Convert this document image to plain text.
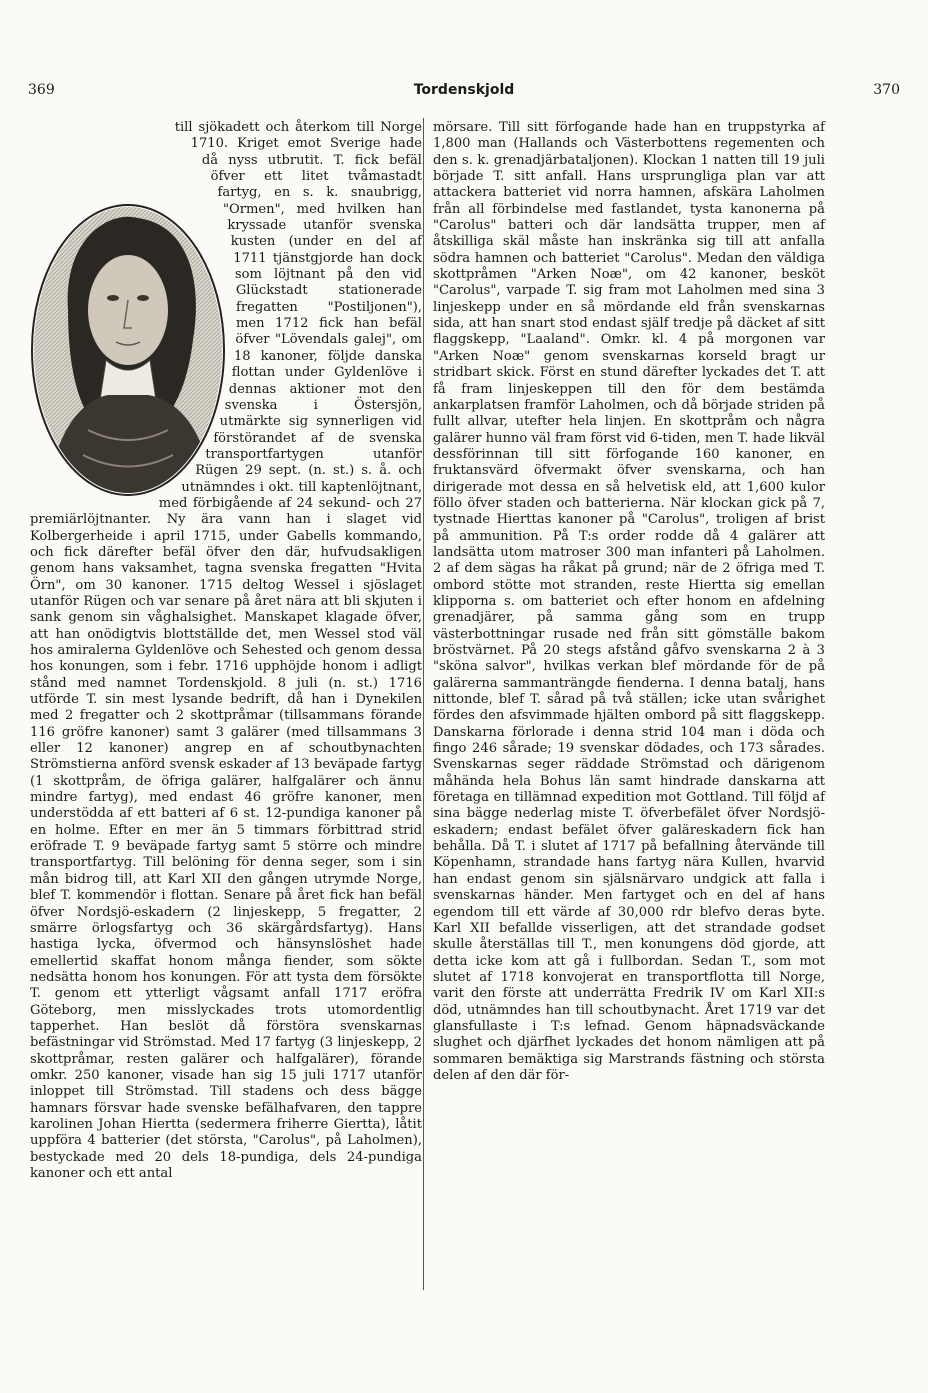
369	Tordenskjold	370

till sjökadett och återkom till Norge 1710. Kriget emot Sverige hade då nyss utbrutit. T. fick befäl öfver ett litet tvåmastadt fartyg, en s. k. snaubrigg, "Ormen", med hvilken han kryssade utanför svenska kusten (under en del af 1711 tjänstgjorde han dock som löjtnant på den vid Glückstadt stationerade fregatten "Postiljonen"), men 1712 fick han befäl öfver "Lövendals galej", om 18 kanoner, följde danska flottan under Gyldenlöve i dennas aktioner mot den svenska i Östersjön, utmärkte sig synnerligen vid förstörandet af de svenska transportfartygen utanför Rügen 29 sept. (n. st.) s. å. och utnämndes i okt. till kaptenlöjtnant, med förbigående af 24 sekund- och 27 premiärlöjtnanter. Ny ära vann han i slaget vid Kolbergerheide i april 1715, under Gabells kommando, och fick därefter befäl öfver den där, hufvudsakligen genom hans vaksamhet, tagna svenska fregatten "Hvita Örn", om 30 kanoner. 1715 deltog Wessel i sjöslaget utanför Rügen och var senare på året nära att bli skjuten i sank genom sin våghalsighet. Manskapet klagade öfver, att han onödigtvis blottställde det, men Wessel stod väl hos amiralerna Gyldenlöve och Sehested och genom dessa hos konungen, som i febr. 1716 upphöjde honom i adligt stånd med namnet Tordenskjold. 8 juli (n. st.) 1716 utförde T. sin mest lysande bedrift, då han i Dynekilen med 2 fregatter och 2 skottpråmar (tillsammans förande 116 gröfre kanoner) samt 3 galärer (med tillsammans 3 eller 12 kanoner) angrep en af schoutbynachten Strömstierna anförd svensk eskader af 13 beväpade fartyg (1 skottpråm, de öfriga galärer, halfgalärer och ännu mindre fartyg), med endast 46 gröfre kanoner, men understödda af ett batteri af 6 st. 12-pundiga kanoner på en holme. Efter en mer än 5 timmars förbittrad strid eröfrade T. 9 beväpade fartyg samt 5 större och mindre transportfartyg. Till belöning för denna seger, som i sin mån bidrog till, att Karl XII den gången utrymde Norge, blef T. kommendör i flottan. Senare på året fick han befäl öfver Nordsjö-eskadern (2 linjeskepp, 5 fregatter, 2 smärre örlogsfartyg och 36 skärgårdsfartyg). Hans hastiga lycka, öfvermod och hänsynslöshet hade emellertid skaffat honom många fiender, som sökte nedsätta honom hos konungen. För att tysta dem försökte T. genom ett ytterligt vågsamt anfall 1717 eröfra Göteborg, men misslyckades trots utomordentlig tapperhet. Han beslöt då förstöra svenskarnas befästningar vid Strömstad. Med 17 fartyg (3 linjeskepp, 2 skottpråmar, resten galärer och halfgalärer), förande omkr. 250 kanoner, visade han sig 15 juli 1717 utanför inloppet till Strömstad. Till stadens och dess bägge hamnars försvar hade svenske befälhafvaren, den tappre karolinen Johan Hiertta (sedermera friherre Giertta), låtit uppföra 4 batterier (det största, "Carolus", på Laholmen), bestyckade med 20 dels 18-pundiga, dels 24-pundiga kanoner och ett antal

mörsare. Till sitt förfogande hade han en truppstyrka af 1,800 man (Hallands och Västerbottens regementen och den s. k. grenadjärbataljonen). Klockan 1 natten till 19 juli började T. sitt anfall. Hans ursprungliga plan var att attackera batteriet vid norra hamnen, afskära Laholmen från all förbindelse med fastlandet, tysta kanonerna på "Carolus" batteri och där landsätta trupper, men af åtskilliga skäl måste han inskränka sig till att anfalla södra hamnen och batteriet "Carolus". Medan den väldiga skottpråmen "Arken Noæ", om 42 kanoner, besköt "Carolus", varpade T. sig fram mot Laholmen med sina 3 linjeskepp under en så mördande eld från svenskarnas sida, att han snart stod endast själf tredje på däcket af sitt flaggskepp, "Laaland". Omkr. kl. 4 på morgonen var "Arken Noæ" genom svenskarnas korseld bragt ur stridbart skick. Först en stund därefter lyckades det T. att få fram linjeskeppen till den för dem bestämda ankarplatsen framför Laholmen, och då började striden på fullt allvar, utefter hela linjen. En skottpråm och några galärer hunno väl fram först vid 6-tiden, men T. hade likväl dessförinnan till sitt förfogande 160 kanoner, en fruktansvärd öfvermakt öfver svenskarna, och han dirigerade mot dessa en så helvetisk eld, att 1,600 kulor föllo öfver staden och batterierna. När klockan gick på 7, tystnade Hierttas kanoner på "Carolus", troligen af brist på ammunition. På T:s order rodde då 4 galärer att landsätta utom matroser 300 man infanteri på Laholmen. 2 af dem sägas ha råkat på grund; när de 2 öfriga med T. ombord stötte mot stranden, reste Hiertta sig emellan klipporna s. om batteriet och efter honom en afdelning grenadjärer, på samma gång som en trupp västerbottningar rusade ned från sitt gömställe bakom bröstvärnet. På 20 stegs afstånd gåfvo svenskarna 2 à 3 "sköna salvor", hvilkas verkan blef mördande för de på galärerna sammanträngde fienderna. I denna batalj, hans nittonde, blef T. sårad på två ställen; icke utan svårighet fördes den afsvimmade hjälten ombord på sitt flaggskepp. Danskarna förlorade i denna strid 104 man i döda och fingo 246 sårade; 19 svenskar dödades, och 173 sårades. Svenskarnas seger räddade Strömstad och därigenom måhända hela Bohus län samt hindrade danskarna att företaga en tillämnad expedition mot Gottland. Till följd af sina bägge nederlag miste T. öfverbefälet öfver Nordsjö-eskadern; endast befälet öfver galäreskadern fick han behålla. Då T. i slutet af 1717 på befallning återvände till Köpenhamn, strandade hans fartyg nära Kullen, hvarvid han endast genom sin själsnärvaro undgick att falla i svenskarnas händer. Men fartyget och en del af hans egendom till ett värde af 30,000 rdr blefvo deras byte. Karl XII befallde visserligen, att det strandade godset skulle återställas till T., men konungens död gjorde, att detta icke kom att gå i fullbordan. Sedan T., som mot slutet af 1718 konvojerat en transportflotta till Norge, varit den förste att underrätta Fredrik IV om Karl XII:s död, utnämndes han till schoutbynacht. Året 1719 var det glansfullaste i T:s lefnad. Genom häpnadsväckande slughet och djärfhet lyckades det honom nämligen att på sommaren bemäktiga sig Marstrands fästning och största delen af den där för-
